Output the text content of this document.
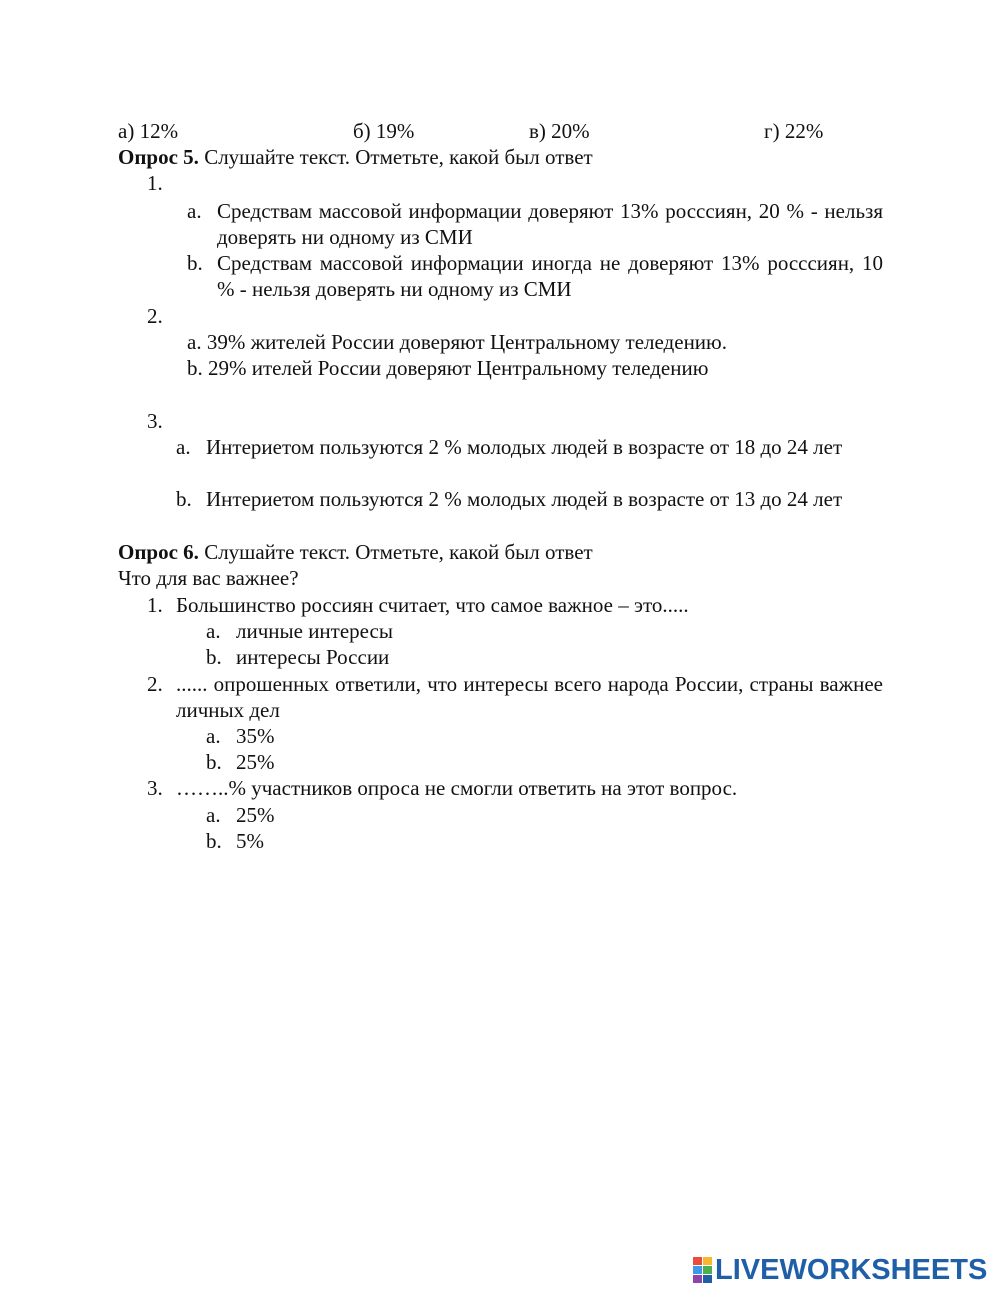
а) 12%	б) 19%	в) 20%	г) 22%
Опрос 5. Слушайте текст. Отметьте, какой был ответ
1.
a. Средствам массовой информации доверяют 13% росссиян, 20 % - нельзя доверять ни одному из СМИ
b. Средствам массовой информации иногда не доверяют 13% росссиян, 10 % - нельзя доверять ни одному из СМИ
2.
a. 39% жителей России доверяют Центральному теледению.
b. 29% ителей России доверяют Центральному теледению
3.
a. Интериетом пользуются 2 % молодых людей в возрасте от 18 до 24 лет
b. Интериетом пользуются 2 % молодых людей в возрасте от 13 до 24 лет
Опрос 6. Слушайте текст. Отметьте, какой был ответ
Что для вас важнее?
1. Большинство россиян считает, что самое важное – это.....
a. личные интересы
b. интересы России
2. ...... опрошенных ответили, что интересы всего народа России, страны важнее личных дел
a. 35%
b. 25%
3. ……..% участников опроса не смогли ответить на этот вопрос.
a. 25%
b. 5%
LIVEWORKSHEETS
